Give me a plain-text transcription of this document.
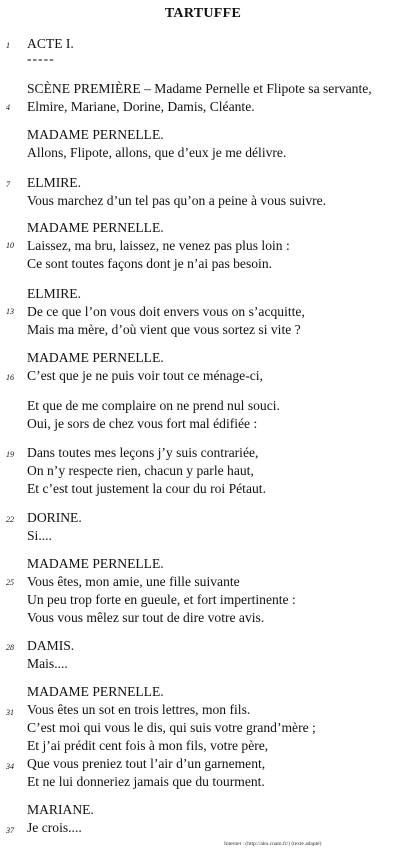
TARTUFFE
1
4
7
10
13
16
19
22
25
28
31
34
37
ACTE I.
-----
SCÈNE PREMIÈRE – Madame Pernelle et Flipote sa servante,
Elmire, Mariane, Dorine, Damis, Cléante.
MADAME PERNELLE.
Allons, Flipote, allons, que d’eux je me délivre.
ELMIRE.
Vous marchez d’un tel pas qu’on a peine à vous suivre.
MADAME PERNELLE.
Laissez, ma bru, laissez, ne venez pas plus loin :
Ce sont toutes façons dont je n’ai pas besoin.
ELMIRE.
De ce que l’on vous doit envers vous on s’acquitte,
Mais ma mère, d’où vient que vous sortez si vite ?
MADAME PERNELLE.
C’est que je ne puis voir tout ce ménage-ci,
Et que de me complaire on ne prend nul souci.
Oui, je sors de chez vous fort mal édifiée :
Dans toutes mes leçons j’y suis contrariée,
On n’y respecte rien, chacun y parle haut,
Et c’est tout justement la cour du roi Pétaut.
DORINE.
Si....
MADAME PERNELLE.
Vous êtes, mon amie, une fille suivante
Un peu trop forte en gueule, et fort impertinente :
Vous vous mêlez sur tout de dire votre avis.
DAMIS.
Mais....
MADAME PERNELLE.
Vous êtes un sot en trois lettres, mon fils.
C’est moi qui vous le dis, qui suis votre grand’mère ;
Et j’ai prédit cent fois à mon fils, votre père,
Que vous preniez tout l’air d’un garnement,
Et ne lui donneriez jamais que du tourment.
MARIANE.
Je crois....
Internet : (http://abu.cnam.fr/) (texte adapté)
